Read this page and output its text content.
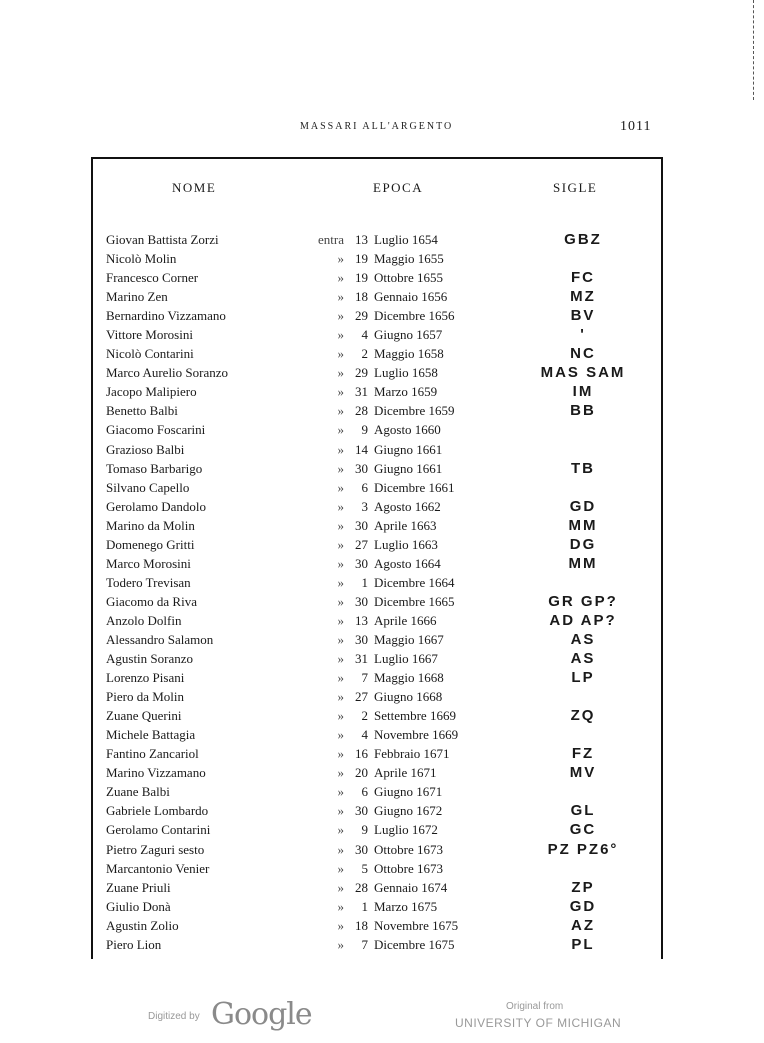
MASSARI ALL'ARGENTO	1011
NOME	EPOCA	SIGLE
Giovan Battista Zorzi	entra 13 Luglio 1654	GBZ
Nicolò Molin	» 19 Maggio 1655
Francesco Corner	» 19 Ottobre 1655	FC
Marino Zen	» 18 Gennaio 1656	MZ
Bernardino Vizzamano	» 29 Dicembre 1656	BV
Vittore Morosini	»	4 Giugno 1657	'
Nicolò Contarini	»	2 Maggio 1658	NC
Marco Aurelio Soranzo	» 29 Luglio 1658	MAS SAM
Jacopo Malipiero	» 31 Marzo 1659	IM
Benetto Balbi	» 28 Dicembre 1659	BB
Giacomo Foscarini	»	9 Agosto 1660
Grazioso Balbi	» 14 Giugno 1661
Tomaso Barbarigo	» 30 Giugno 1661	TB
Silvano Capello	»	6 Dicembre 1661
Gerolamo Dandolo	»	3 Agosto 1662	GD
Marino da Molin	» 30 Aprile 1663	MM
Domenego Gritti	» 27 Luglio 1663	DG
Marco Morosini	» 30 Agosto 1664	MM
Todero Trevisan	»	1 Dicembre 1664
Giacomo da Riva	» 30 Dicembre 1665	GR GP?
Anzolo Dolfin	» 13 Aprile 1666	AD AP?
Alessandro Salamon	» 30 Maggio 1667	AS
Agustin Soranzo	» 31 Luglio 1667	AS
Lorenzo Pisani	»	7 Maggio 1668	LP
Piero da Molin	» 27 Giugno 1668
Zuane Querini	»	2 Settembre 1669	ZQ
Michele Battagia	»	4 Novembre 1669
Fantino Zancariol	» 16 Febbraio 1671	FZ
Marino Vizzamano	» 20 Aprile 1671	MV
Zuane Balbi	»	6 Giugno 1671
Gabriele Lombardo	» 30 Giugno 1672	GL
Gerolamo Contarini	»	9 Luglio 1672	GC
Pietro Zaguri sesto	» 30 Ottobre 1673	PZ PZ6°
Marcantonio Venier	»	5 Ottobre 1673
Zuane Priuli	» 28 Gennaio 1674	ZP
Giulio Donà	»	1 Marzo 1675	GD
Agustin Zolio	» 18 Novembre 1675	AZ
Piero Lion	»	7 Dicembre 1675	PL
Digitized by Google	Original from
UNIVERSITY OF MICHIGAN
